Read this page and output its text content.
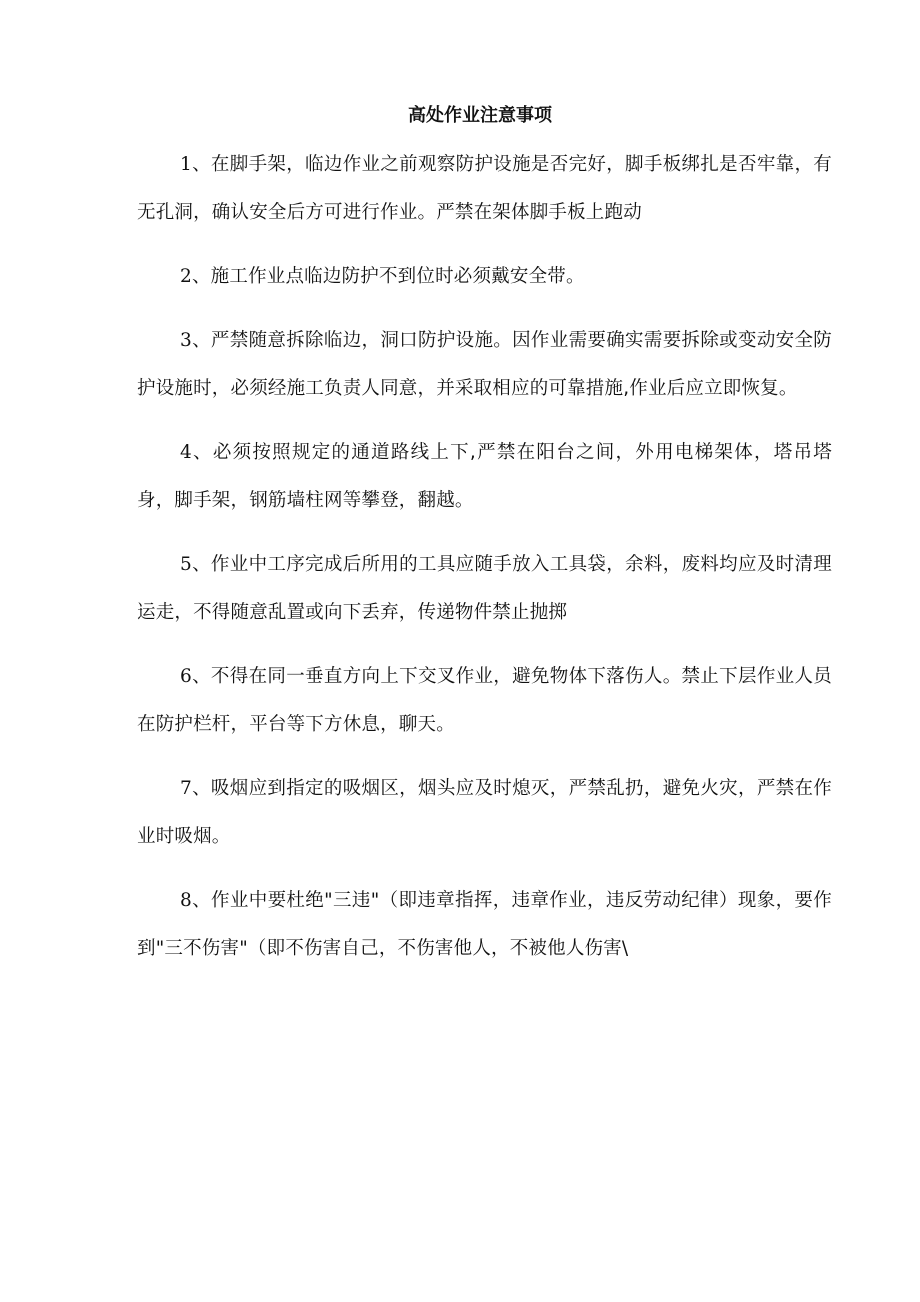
高处作业注意事项

1、在脚手架，临边作业之前观察防护设施是否完好，脚手板绑扎是否牢靠，有无孔洞，确认安全后方可进行作业。严禁在架体脚手板上跑动

2、施工作业点临边防护不到位时必须戴安全带。

3、严禁随意拆除临边，洞口防护设施。因作业需要确实需要拆除或变动安全防护设施时，必须经施工负责人同意，并采取相应的可靠措施,作业后应立即恢复。

4、必须按照规定的通道路线上下,严禁在阳台之间，外用电梯架体，塔吊塔身，脚手架，钢筋墙柱网等攀登，翻越。

5、作业中工序完成后所用的工具应随手放入工具袋，余料，废料均应及时清理运走，不得随意乱置或向下丢弃，传递物件禁止抛掷

6、不得在同一垂直方向上下交叉作业，避免物体下落伤人。禁止下层作业人员在防护栏杆，平台等下方休息，聊天。

7、吸烟应到指定的吸烟区，烟头应及时熄灭，严禁乱扔，避免火灾，严禁在作业时吸烟。

8、作业中要杜绝"三违"（即违章指挥，违章作业，违反劳动纪律）现象，要作到"三不伤害"（即不伤害自己，不伤害他人，不被他人伤害\
